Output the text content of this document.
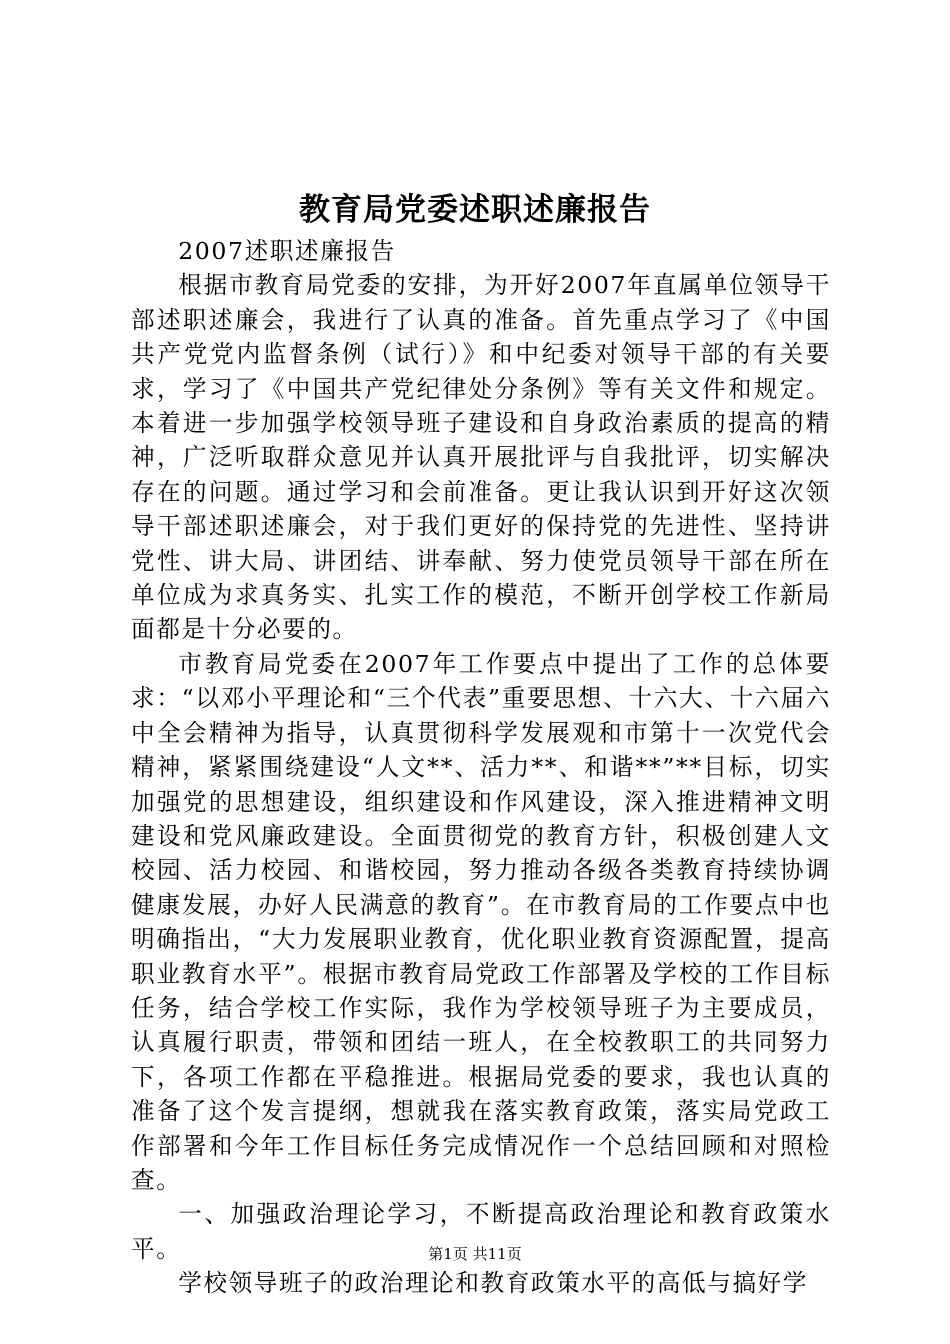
教育局党委述职述廉报告

2007述职述廉报告

根据市教育局党委的安排，为开好2007年直属单位领导干部述职述廉会，我进行了认真的准备。首先重点学习了《中国共产党党内监督条例（试行）》和中纪委对领导干部的有关要求，学习了《中国共产党纪律处分条例》等有关文件和规定。本着进一步加强学校领导班子建设和自身政治素质的提高的精神，广泛听取群众意见并认真开展批评与自我批评，切实解决存在的问题。通过学习和会前准备。更让我认识到开好这次领导干部述职述廉会，对于我们更好的保持党的先进性、坚持讲党性、讲大局、讲团结、讲奉献、努力使党员领导干部在所在单位成为求真务实、扎实工作的模范，不断开创学校工作新局面都是十分必要的。

市教育局党委在2007年工作要点中提出了工作的总体要求：“以邓小平理论和“三个代表”重要思想、十六大、十六届六中全会精神为指导，认真贯彻科学发展观和市第十一次党代会精神，紧紧围绕建设“人文**、活力**、和谐**”**目标，切实加强党的思想建设，组织建设和作风建设，深入推进精神文明建设和党风廉政建设。全面贯彻党的教育方针，积极创建人文校园、活力校园、和谐校园，努力推动各级各类教育持续协调健康发展，办好人民满意的教育”。在市教育局的工作要点中也明确指出，“大力发展职业教育，优化职业教育资源配置，提高职业教育水平”。根据市教育局党政工作部署及学校的工作目标任务，结合学校工作实际，我作为学校领导班子为主要成员，认真履行职责，带领和团结一班人，在全校教职工的共同努力下，各项工作都在平稳推进。根据局党委的要求，我也认真的准备了这个发言提纲，想就我在落实教育政策，落实局党政工作部署和今年工作目标任务完成情况作一个总结回顾和对照检查。

一、加强政治理论学习，不断提高政治理论和教育政策水平。

学校领导班子的政治理论和教育政策水平的高低与搞好学

第1页 共11页
